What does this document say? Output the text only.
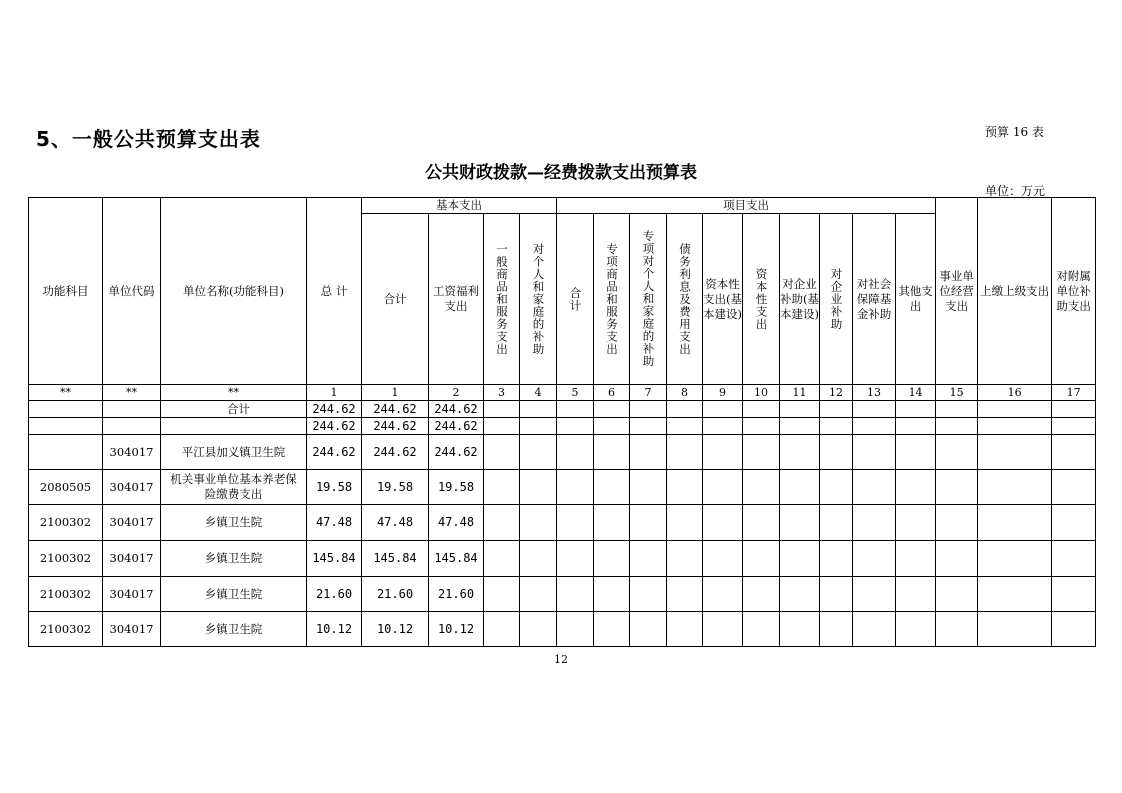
5、一般公共预算支出表	预算 16 表
公共财政拨款—经费拨款支出预算表
单位：万元
功能科目	单位代码	单位名称(功能科目)	总 计	基本支出				项目支出										事业单位经营支出	上缴上级支出	对附属单位补助支出
				合计	工资福利支出	一般商品和服务支出	对个人和家庭的补助	合计	专项商品和服务支出	专项对个人和家庭的补助	债务利息及费用支出	资本性支出(基本建设)	资本性支出	对企业补助(基本建设)	对企业补助	对社会保障基金补助	其他支出			
**	**	**	1	1	2	3	4	5	6	7	8	9	10	11	12	13	14	15	16	17
		合计	244.62	244.62	244.62															
			244.62	244.62	244.62															
	304017	平江县加义镇卫生院	244.62	244.62	244.62															
2080505	304017	机关事业单位基本养老保险缴费支出	19.58	19.58	19.58															
2100302	304017	乡镇卫生院	47.48	47.48	47.48															
2100302	304017	乡镇卫生院	145.84	145.84	145.84															
2100302	304017	乡镇卫生院	21.60	21.60	21.60															
2100302	304017	乡镇卫生院	10.12	10.12	10.12															
12
